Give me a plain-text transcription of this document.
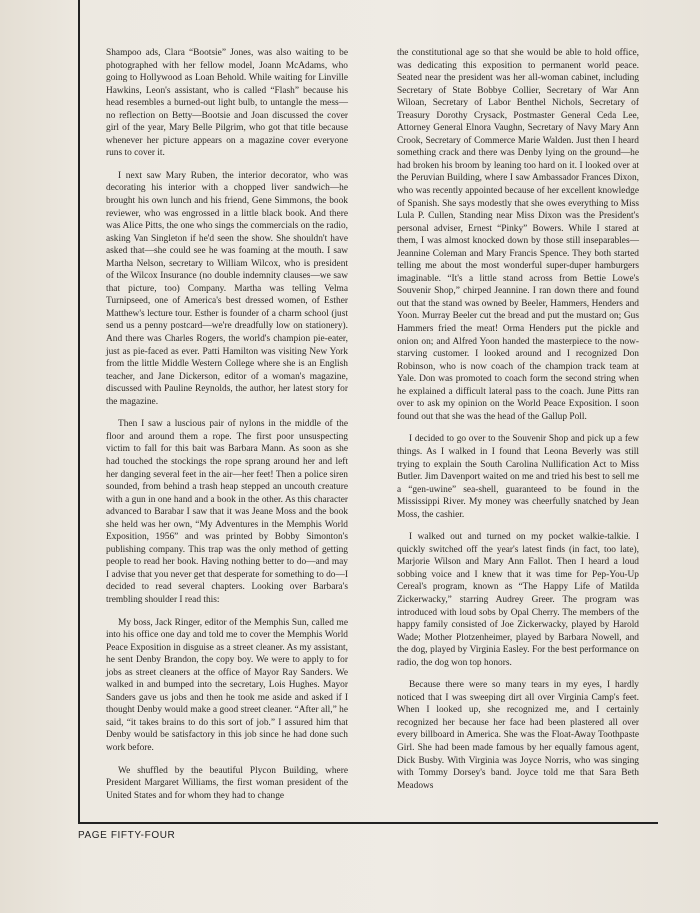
Shampoo ads, Clara “Bootsie” Jones, was also waiting to be photographed with her fellow model, Joann McAdams, who going to Hollywood as Loan Behold. While waiting for Linville Hawkins, Leon's assistant, who is called “Flash” because his head resembles a burned-out light bulb, to untangle the mess—no reflection on Betty—Bootsie and Joan discussed the cover girl of the year, Mary Belle Pilgrim, who got that title because whenever her picture appears on a magazine cover everyone runs to cover it.

I next saw Mary Ruben, the interior decorator, who was decorating his interior with a chopped liver sandwich—he brought his own lunch and his friend, Gene Simmons, the book reviewer, who was engrossed in a little black book. And there was Alice Pitts, the one who sings the commercials on the radio, asking Van Singleton if he'd seen the show. She shouldn't have asked that—she could see he was foaming at the mouth. I saw Martha Nelson, secretary to William Wilcox, who is president of the Wilcox Insurance (no double indemnity clauses—we saw that picture, too) Company. Martha was telling Velma Turnipseed, one of America's best dressed women, of Esther Matthew's lecture tour. Esther is founder of a charm school (just send us a penny postcard—we're dreadfully low on stationery). And there was Charles Rogers, the world's champion pie-eater, just as pie-faced as ever. Patti Hamilton was visiting New York from the little Middle Western College where she is an English teacher, and Jane Dickerson, editor of a woman's magazine, discussed with Pauline Reynolds, the author, her latest story for the magazine.

Then I saw a luscious pair of nylons in the middle of the floor and around them a rope. The first poor unsuspecting victim to fall for this bait was Barbara Mann. As soon as she had touched the stockings the rope sprang around her and left her danging several feet in the air—her feet! Then a police siren sounded, from behind a trash heap stepped an uncouth creature with a gun in one hand and a book in the other. As this character advanced to Barabar I saw that it was Jeane Moss and the book she held was her own, “My Adventures in the Memphis World Exposition, 1956” and was printed by Bobby Simonton's publishing company. This trap was the only method of getting people to read her book. Having nothing better to do—and may I advise that you never get that desperate for something to do—I decided to read several chapters. Looking over Barbara's trembling shoulder I read this:

My boss, Jack Ringer, editor of the Memphis Sun, called me into his office one day and told me to cover the Memphis World Peace Exposition in disguise as a street cleaner. As my assistant, he sent Denby Brandon, the copy boy. We were to apply to for jobs as street cleaners at the office of Mayor Ray Sanders. We walked in and bumped into the secretary, Lois Hughes. Mayor Sanders gave us jobs and then he took me aside and asked if I thought Denby would make a good street cleaner. “After all,” he said, “it takes brains to do this sort of job.” I assured him that Denby would be satisfactory in this job since he had done such work before.

We shuffled by the beautiful Plycon Building, where President Margaret Williams, the first woman president of the United States and for whom they had to change

the constitutional age so that she would be able to hold office, was dedicating this exposition to permanent world peace. Seated near the president was her all-woman cabinet, including Secretary of State Bobbye Collier, Secretary of War Ann Wiloan, Secretary of Labor Benthel Nichols, Secretary of Treasury Dorothy Crysack, Postmaster General Ceda Lee, Attorney General Elnora Vaughn, Secretary of Navy Mary Ann Crook, Secretary of Commerce Marie Walden. Just then I heard something crack and there was Denby lying on the ground—he had broken his broom by leaning too hard on it. I looked over at the Peruvian Building, where I saw Ambassador Frances Dixon, who was recently appointed because of her excellent knowledge of Spanish. She says modestly that she owes everything to Miss Lula P. Cullen, Standing near Miss Dixon was the President's personal adviser, Ernest “Pinky” Bowers. While I stared at them, I was almost knocked down by those still inseparables—Jeannine Coleman and Mary Francis Spence. They both started telling me about the most wonderful super-duper hamburgers imaginable. “It's a little stand across from Bettie Lowe's Souvenir Shop,” chirped Jeannine. I ran down there and found out that the stand was owned by Beeler, Hammers, Henders and Yoon. Murray Beeler cut the bread and put the mustard on; Gus Hammers fried the meat! Orma Henders put the pickle and onion on; and Alfred Yoon handed the masterpiece to the now-starving customer. I looked around and I recognized Don Robinson, who is now coach of the champion track team at Yale. Don was promoted to coach form the second string when he explained a difficult lateral pass to the coach. June Pitts ran over to ask my opinion on the World Peace Exposition. I soon found out that she was the head of the Gallup Poll.

I decided to go over to the Souvenir Shop and pick up a few things. As I walked in I found that Leona Beverly was still trying to explain the South Carolina Nullification Act to Miss Butler. Jim Davenport waited on me and tried his best to sell me a “gen-uwine” sea-shell, guaranteed to be found in the Mississippi River. My money was cheerfully snatched by Jean Moss, the cashier.

I walked out and turned on my pocket walkie-talkie. I quickly switched off the year's latest finds (in fact, too late), Marjorie Wilson and Mary Ann Fallot. Then I heard a loud sobbing voice and I knew that it was time for Pep-You-Up Cereal's program, known as “The Happy Life of Matilda Zickerwacky,” starring Audrey Greer. The program was introduced with loud sobs by Opal Cherry. The members of the happy family consisted of Joe Zickerwacky, played by Harold Wade; Mother Plotzenheimer, played by Barbara Nowell, and the dog, played by Virginia Easley. For the best performance on radio, the dog won top honors.

Because there were so many tears in my eyes, I hardly noticed that I was sweeping dirt all over Virginia Camp's feet. When I looked up, she recognized me, and I certainly recognized her because her face had been plastered all over every billboard in America. She was the Float-Away Toothpaste Girl. She had been made famous by her equally famous agent, Dick Busby. With Virginia was Joyce Norris, who was singing with Tommy Dorsey's band. Joyce told me that Sara Beth Meadows

PAGE FIFTY-FOUR
